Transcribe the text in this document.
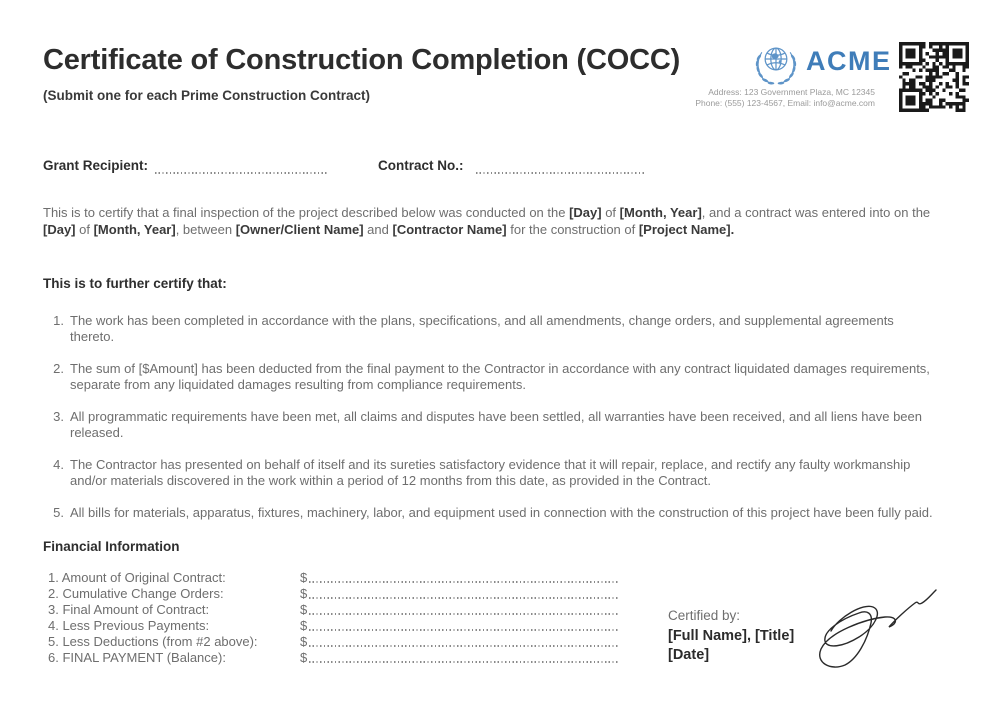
Certificate of Construction Completion (COCC)
(Submit one for each Prime Construction Contract)
ACME
Address: 123 Government Plaza, MC 12345
Phone: (555) 123-4567, Email: info@acme.com
Grant Recipient:	Contract No.:
This is to certify that a final inspection of the project described below was conducted on the [Day] of [Month, Year], and a contract was entered into on the [Day] of [Month, Year], between [Owner/Client Name] and [Contractor Name] for the construction of [Project Name].
This is to further certify that:
1. The work has been completed in accordance with the plans, specifications, and all amendments, change orders, and supplemental agreements thereto.
2. The sum of [$Amount] has been deducted from the final payment to the Contractor in accordance with any contract liquidated damages requirements, separate from any liquidated damages resulting from compliance requirements.
3. All programmatic requirements have been met, all claims and disputes have been settled, all warranties have been received, and all liens have been released.
4. The Contractor has presented on behalf of itself and its sureties satisfactory evidence that it will repair, replace, and rectify any faulty workmanship and/or materials discovered in the work within a period of 12 months from this date, as provided in the Contract.
5. All bills for materials, apparatus, fixtures, machinery, labor, and equipment used in connection with the construction of this project have been fully paid.
Financial Information
1. Amount of Original Contract:	$
2. Cumulative Change Orders:	$
3. Final Amount of Contract:	$
4. Less Previous Payments:	$
5. Less Deductions (from #2 above):	$
6. FINAL PAYMENT (Balance):	$
Certified by:
[Full Name], [Title]
[Date]
